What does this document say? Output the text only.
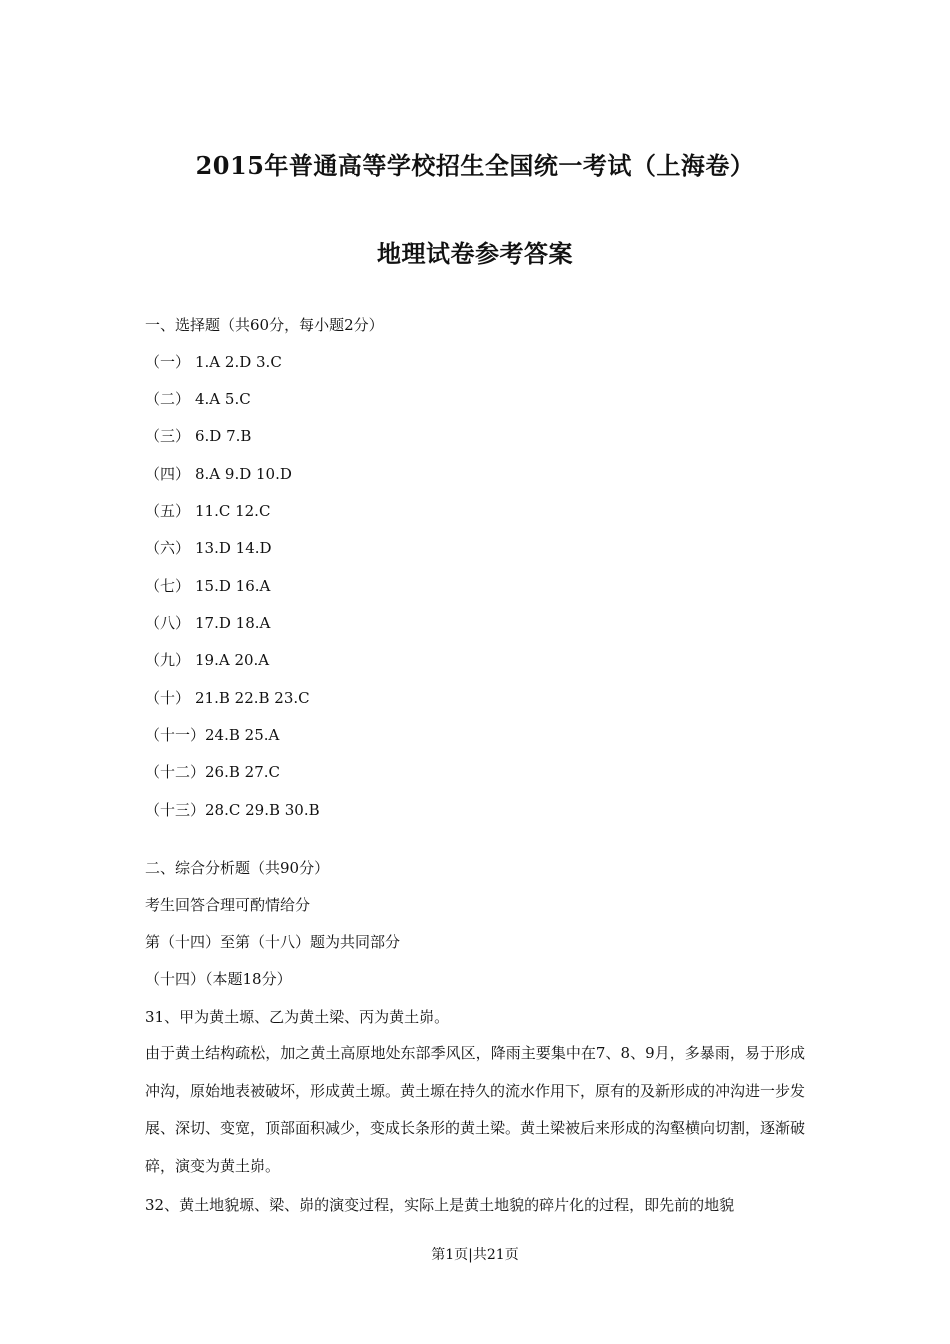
2015年普通高等学校招生全国统一考试（上海卷）
地理试卷参考答案
一、选择题（共60分，每小题2分）
（一） 1.A 2.D 3.C
（二） 4.A 5.C
（三） 6.D 7.B
（四） 8.A 9.D 10.D
（五） 11.C 12.C
（六） 13.D 14.D
（七） 15.D 16.A
（八） 17.D 18.A
（九） 19.A 20.A
（十） 21.B 22.B 23.C
（十一）24.B 25.A
（十二）26.B 27.C
（十三）28.C 29.B 30.B
二、综合分析题（共90分）
考生回答合理可酌情给分
第（十四）至第（十八）题为共同部分
（十四）（本题18分）
31、甲为黄土塬、乙为黄土梁、丙为黄土峁。
由于黄土结构疏松，加之黄土高原地处东部季风区，降雨主要集中在7、8、9月，多暴雨，易于形成冲沟，原始地表被破坏，形成黄土塬。黄土塬在持久的流水作用下，原有的及新形成的冲沟进一步发展、深切、变宽，顶部面积减少，变成长条形的黄土梁。黄土梁被后来形成的沟壑横向切割，逐渐破碎，演变为黄土峁。
32、黄土地貌塬、梁、峁的演变过程，实际上是黄土地貌的碎片化的过程，即先前的地貌
第1页|共21页
